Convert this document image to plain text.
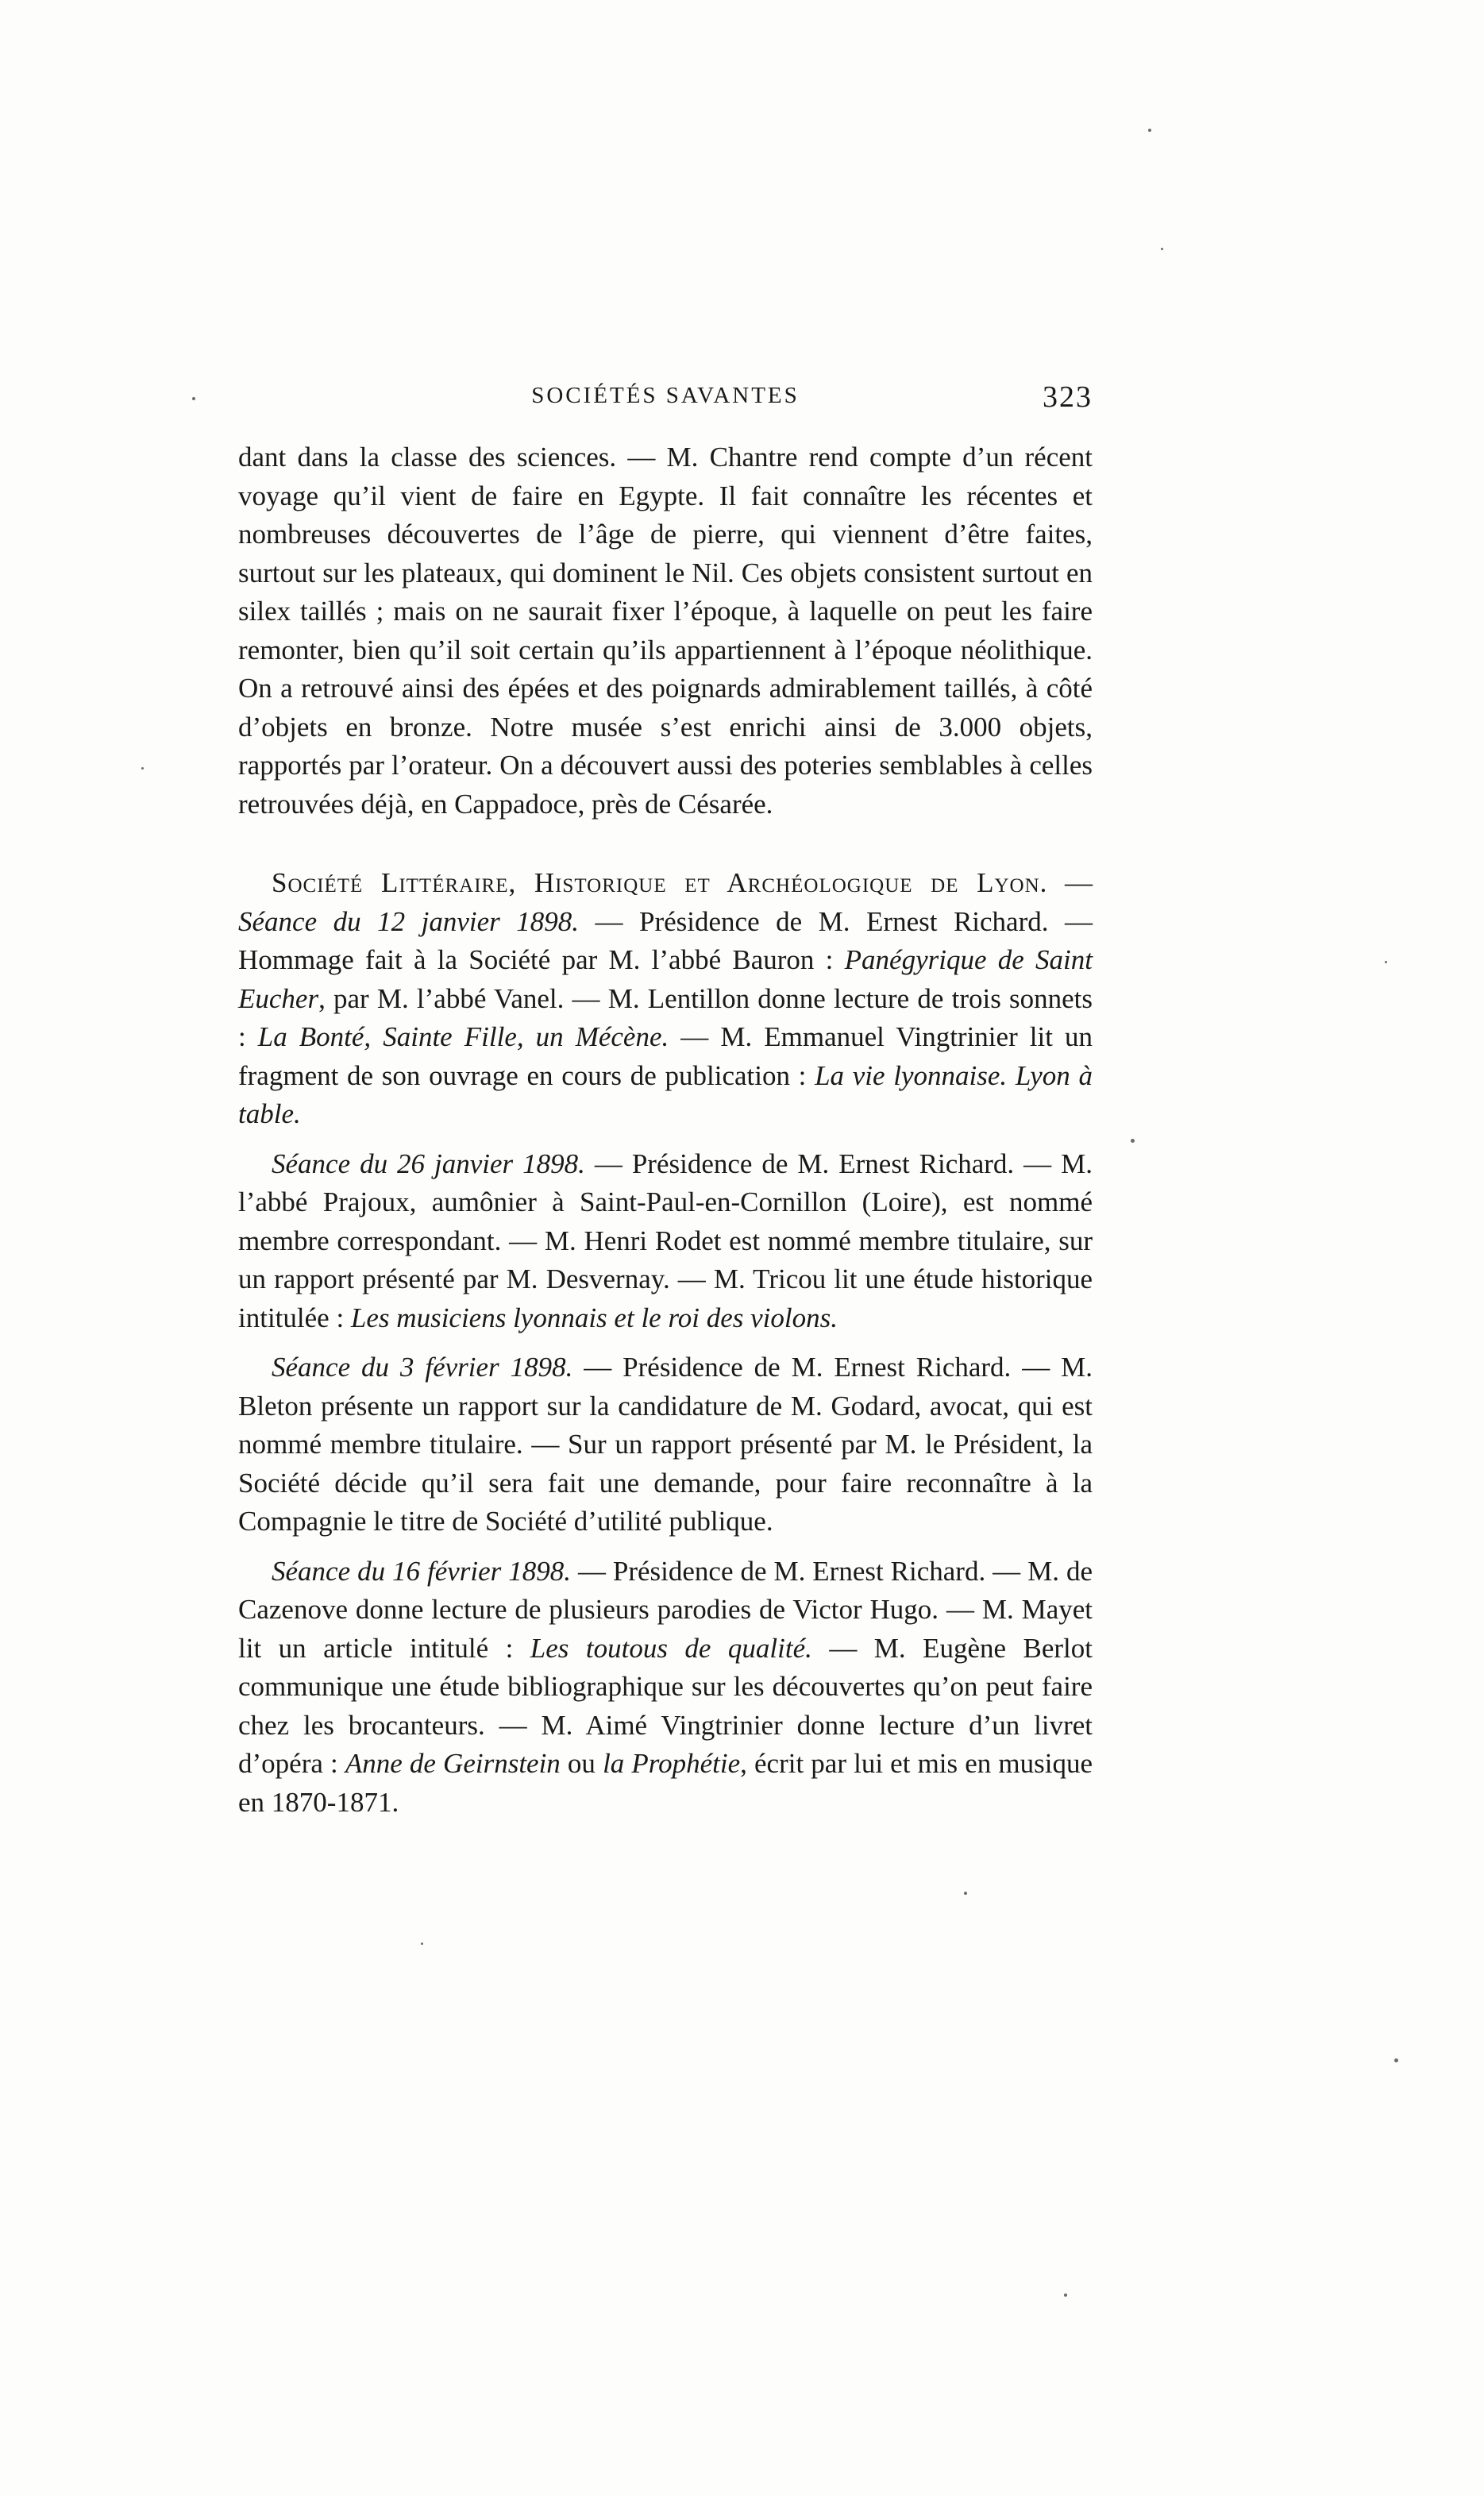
SOCIÉTÉS SAVANTES	323

dant dans la classe des sciences. — M. Chantre rend compte d’un récent voyage qu’il vient de faire en Egypte. Il fait connaître les récentes et nombreuses découvertes de l’âge de pierre, qui viennent d’être faites, surtout sur les plateaux, qui dominent le Nil. Ces objets consistent surtout en silex taillés ; mais on ne saurait fixer l’époque, à laquelle on peut les faire remonter, bien qu’il soit certain qu’ils appartiennent à l’époque néolithique. On a retrouvé ainsi des épées et des poignards admirablement taillés, à côté d’objets en bronze. Notre musée s’est enrichi ainsi de 3.000 objets, rapportés par l’orateur. On a découvert aussi des poteries semblables à celles retrouvées déjà, en Cappadoce, près de Césarée.

Société Littéraire, Historique et Archéologique de Lyon. — Séance du 12 janvier 1898. — Présidence de M. Ernest Richard. — Hommage fait à la Société par M. l’abbé Bauron : Panégyrique de Saint Eucher, par M. l’abbé Vanel. — M. Lentillon donne lecture de trois sonnets : La Bonté, Sainte Fille, un Mécène. — M. Emmanuel Vingtrinier lit un fragment de son ouvrage en cours de publication : La vie lyonnaise. Lyon à table.

Séance du 26 janvier 1898. — Présidence de M. Ernest Richard. — M. l’abbé Prajoux, aumônier à Saint-Paul-en-Cornillon (Loire), est nommé membre correspondant. — M. Henri Rodet est nommé membre titulaire, sur un rapport présenté par M. Desvernay. — M. Tricou lit une étude historique intitulée : Les musiciens lyonnais et le roi des violons.

Séance du 3 février 1898. — Présidence de M. Ernest Richard. — M. Bleton présente un rapport sur la candidature de M. Godard, avocat, qui est nommé membre titulaire. — Sur un rapport présenté par M. le Président, la Société décide qu’il sera fait une demande, pour faire reconnaître à la Compagnie le titre de Société d’utilité publique.

Séance du 16 février 1898. — Présidence de M. Ernest Richard. — M. de Cazenove donne lecture de plusieurs parodies de Victor Hugo. — M. Mayet lit un article intitulé : Les toutous de qualité. — M. Eugène Berlot communique une étude bibliographique sur les découvertes qu’on peut faire chez les brocanteurs. — M. Aimé Vingtrinier donne lecture d’un livret d’opéra : Anne de Geirnstein ou la Prophétie, écrit par lui et mis en musique en 1870-1871.
